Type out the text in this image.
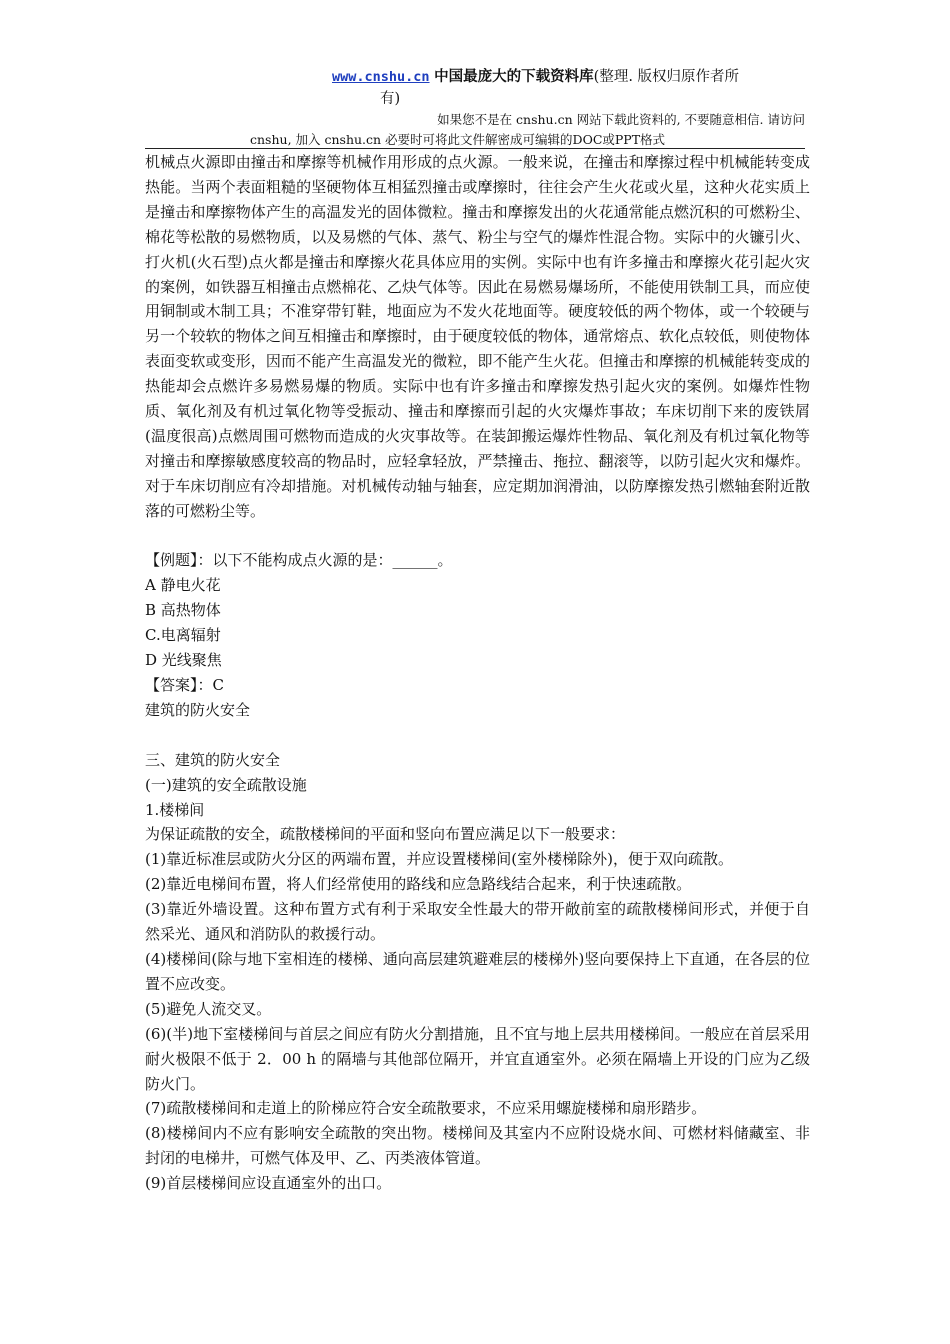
www.cnshu.cn 中国最庞大的下载资料库(整理. 版权归原作者所
有)
如果您不是在 cnshu.cn 网站下载此资料的, 不要随意相信. 请访问
cnshu, 加入 cnshu.cn 必要时可将此文件解密成可编辑的DOC或PPT格式

机械点火源即由撞击和摩擦等机械作用形成的点火源。一般来说，在撞击和摩擦过程中机械能转变成热能。当两个表面粗糙的坚硬物体互相猛烈撞击或摩擦时，往往会产生火花或火星，这种火花实质上是撞击和摩擦物体产生的高温发光的固体微粒。撞击和摩擦发出的火花通常能点燃沉积的可燃粉尘、棉花等松散的易燃物质，以及易燃的气体、蒸气、粉尘与空气的爆炸性混合物。实际中的火镰引火、打火机(火石型)点火都是撞击和摩擦火花具体应用的实例。实际中也有许多撞击和摩擦火花引起火灾的案例，如铁器互相撞击点燃棉花、乙炔气体等。因此在易燃易爆场所，不能使用铁制工具，而应使用铜制或木制工具；不准穿带钉鞋，地面应为不发火花地面等。硬度较低的两个物体，或一个较硬与另一个较软的物体之间互相撞击和摩擦时，由于硬度较低的物体，通常熔点、软化点较低，则使物体表面变软或变形，因而不能产生高温发光的微粒，即不能产生火花。但撞击和摩擦的机械能转变成的热能却会点燃许多易燃易爆的物质。实际中也有许多撞击和摩擦发热引起火灾的案例。如爆炸性物质、氧化剂及有机过氧化物等受振动、撞击和摩擦而引起的火灾爆炸事故；车床切削下来的废铁屑(温度很高)点燃周围可燃物而造成的火灾事故等。在装卸搬运爆炸性物品、氧化剂及有机过氧化物等对撞击和摩擦敏感度较高的物品时，应轻拿轻放，严禁撞击、拖拉、翻滚等，以防引起火灾和爆炸。对于车床切削应有冷却措施。对机械传动轴与轴套，应定期加润滑油，以防摩擦发热引燃轴套附近散落的可燃粉尘等。

【例题】：以下不能构成点火源的是：______。

A 静电火花

B 高热物体

C.电离辐射

D 光线聚焦

【答案】：C

建筑的防火安全

三、建筑的防火安全

(一)建筑的安全疏散设施

1.楼梯间

为保证疏散的安全，疏散楼梯间的平面和竖向布置应满足以下一般要求：

(1)靠近标准层或防火分区的两端布置，并应设置楼梯间(室外楼梯除外)，便于双向疏散。

(2)靠近电梯间布置，将人们经常使用的路线和应急路线结合起来，利于快速疏散。

(3)靠近外墙设置。这种布置方式有利于采取安全性最大的带开敞前室的疏散楼梯间形式，并便于自然采光、通风和消防队的救援行动。

(4)楼梯间(除与地下室相连的楼梯、通向高层建筑避难层的楼梯外)竖向要保持上下直通，在各层的位置不应改变。

(5)避免人流交叉。

(6)(半)地下室楼梯间与首层之间应有防火分割措施，且不宜与地上层共用楼梯间。一般应在首层采用耐火极限不低于 2．00 h 的隔墙与其他部位隔开，并宜直通室外。必须在隔墙上开设的门应为乙级防火门。

(7)疏散楼梯间和走道上的阶梯应符合安全疏散要求，不应采用螺旋楼梯和扇形踏步。

(8)楼梯间内不应有影响安全疏散的突出物。楼梯间及其室内不应附设烧水间、可燃材料储藏室、非封闭的电梯井，可燃气体及甲、乙、丙类液体管道。

(9)首层楼梯间应设直通室外的出口。
